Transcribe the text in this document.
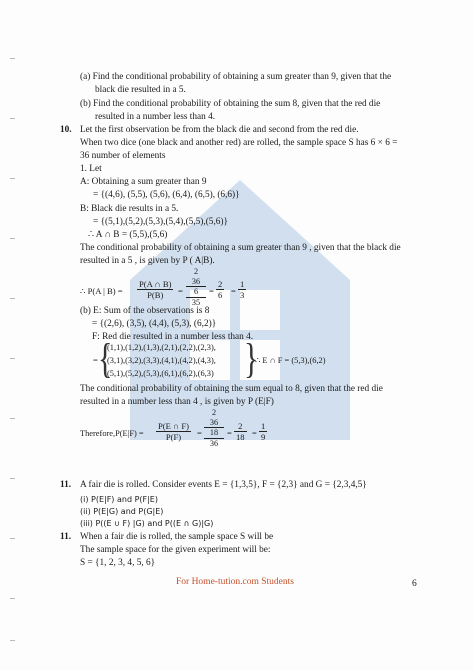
(a) Find the conditional probability of obtaining a sum greater than 9, given that the
black die resulted in a 5.
(b) Find the conditional probability of obtaining the sum 8, given that the red die
resulted in a number less than 4.
10. Let the first observation be from the black die and second from the red die.
When two dice (one black and another red) are rolled, the sample space S has 6 × 6 =
36 number of elements
1. Let
A: Obtaining a sum greater than 9
= {(4,6), (5,5), (5,6), (6,4), (6,5), (6,6)}
B: Black die results in a 5.
= {(5,1),(5,2),(5,3),(5,4),(5,5),(5,6)}
∴ A ∩ B = (5,5),(5,6)
The conditional probability of obtaining a sum greater than 9 , given that the black die
resulted in a 5 , is given by P ( A|B).
∴ P(A | $B) = \frac{P(A \cap B)}{P(B)}$ =
2
36
6
35
= $\frac{2}{6} = \frac{1}{3}$
(b) E: Sum of the observations is 8
= {(2,6), (3,5), (4,4), (5,3), (6,2)}
F: Red die resulted in a number less than 4.
= {
(1,1),(1,2),(1,3),(2,1),(2,2),(2,3),
(3,1),(3,2),(3,3),(4,1),(4,2),(4,3),
(5,1),(5,2),(5,3),(6,1),(6,2),(6,3) }
∴ E ∩ F = (5,3),(6,2)
The conditional probability of obtaining the sum equal to 8, given that the red die
resulted in a number less than 4 , is given by P (E|F)
Therefore,P(E|F) = $\frac{P(E \cap F)}{P(F)}$ =
2
36
18
36
= $\frac{2}{18} = \frac{1}{9}$
11. A fair die is rolled. Consider events E = {1,3,5}, F = {2,3} and G = {2,3,4,5}
(i) P(E|F) and P(F|E)
(ii) P(E|G) and P(G|E)
(iii) P((E ∪ F) |G) and P((E ∩ G)|G)
11. When a fair die is rolled, the sample space S will be
The sample space for the given experiment will be:
S = {1, 2, 3, 4, 5, 6}
For Home-tution.com Students	6
